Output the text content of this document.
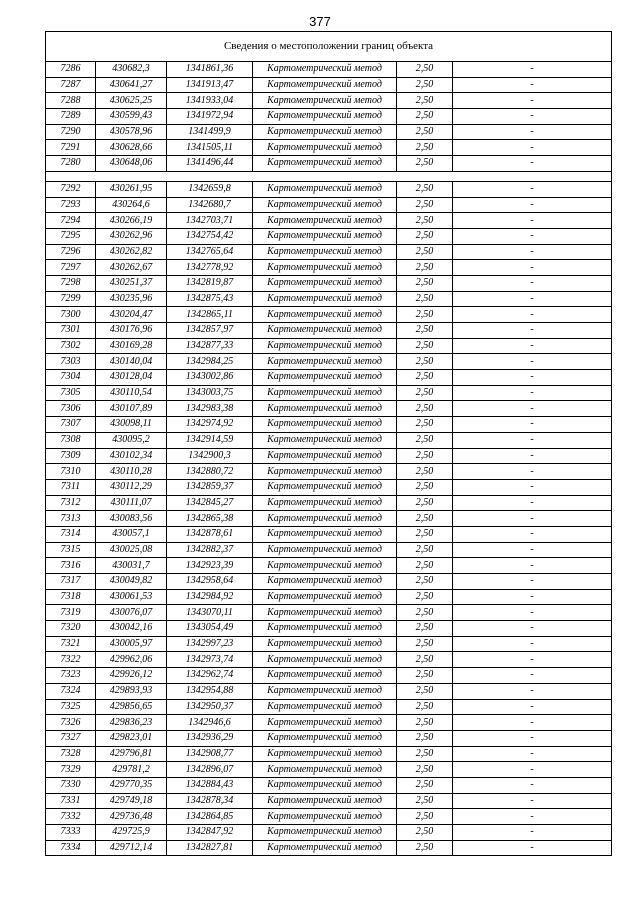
377
Сведения о местоположении границ объекта					
7286	430682,3	1341861,36	Картометрический метод	2,50	-
7287	430641,27	1341913,47	Картометрический метод	2,50	-
7288	430625,25	1341933,04	Картометрический метод	2,50	-
7289	430599,43	1341972,94	Картометрический метод	2,50	-
7290	430578,96	1341499,9	Картометрический метод	2,50	-
7291	430628,66	1341505,11	Картометрический метод	2,50	-
7280	430648,06	1341496,44	Картометрический метод	2,50	-

7292	430261,95	1342659,8	Картометрический метод	2,50	-
7293	430264,6	1342680,7	Картометрический метод	2,50	-
7294	430266,19	1342703,71	Картометрический метод	2,50	-
7295	430262,96	1342754,42	Картометрический метод	2,50	-
7296	430262,82	1342765,64	Картометрический метод	2,50	-
7297	430262,67	1342778,92	Картометрический метод	2,50	-
7298	430251,37	1342819,87	Картометрический метод	2,50	-
7299	430235,96	1342875,43	Картометрический метод	2,50	-
7300	430204,47	1342865,11	Картометрический метод	2,50	-
7301	430176,96	1342857,97	Картометрический метод	2,50	-
7302	430169,28	1342877,33	Картометрический метод	2,50	-
7303	430140,04	1342984,25	Картометрический метод	2,50	-
7304	430128,04	1343002,86	Картометрический метод	2,50	-
7305	430110,54	1343003,75	Картометрический метод	2,50	-
7306	430107,89	1342983,38	Картометрический метод	2,50	-
7307	430098,11	1342974,92	Картометрический метод	2,50	-
7308	430095,2	1342914,59	Картометрический метод	2,50	-
7309	430102,34	1342900,3	Картометрический метод	2,50	-
7310	430110,28	1342880,72	Картометрический метод	2,50	-
7311	430112,29	1342859,37	Картометрический метод	2,50	-
7312	430111,07	1342845,27	Картометрический метод	2,50	-
7313	430083,56	1342865,38	Картометрический метод	2,50	-
7314	430057,1	1342878,61	Картометрический метод	2,50	-
7315	430025,08	1342882,37	Картометрический метод	2,50	-
7316	430031,7	1342923,39	Картометрический метод	2,50	-
7317	430049,82	1342958,64	Картометрический метод	2,50	-
7318	430061,53	1342984,92	Картометрический метод	2,50	-
7319	430076,07	1343070,11	Картометрический метод	2,50	-
7320	430042,16	1343054,49	Картометрический метод	2,50	-
7321	430005,97	1342997,23	Картометрический метод	2,50	-
7322	429962,06	1342973,74	Картометрический метод	2,50	-
7323	429926,12	1342962,74	Картометрический метод	2,50	-
7324	429893,93	1342954,88	Картометрический метод	2,50	-
7325	429856,65	1342950,37	Картометрический метод	2,50	-
7326	429836,23	1342946,6	Картометрический метод	2,50	-
7327	429823,01	1342936,29	Картометрический метод	2,50	-
7328	429796,81	1342908,77	Картометрический метод	2,50	-
7329	429781,2	1342896,07	Картометрический метод	2,50	-
7330	429770,35	1342884,43	Картометрический метод	2,50	-
7331	429749,18	1342878,34	Картометрический метод	2,50	-
7332	429736,48	1342864,85	Картометрический метод	2,50	-
7333	429725,9	1342847,92	Картометрический метод	2,50	-
7334	429712,14	1342827,81	Картометрический метод	2,50	-
